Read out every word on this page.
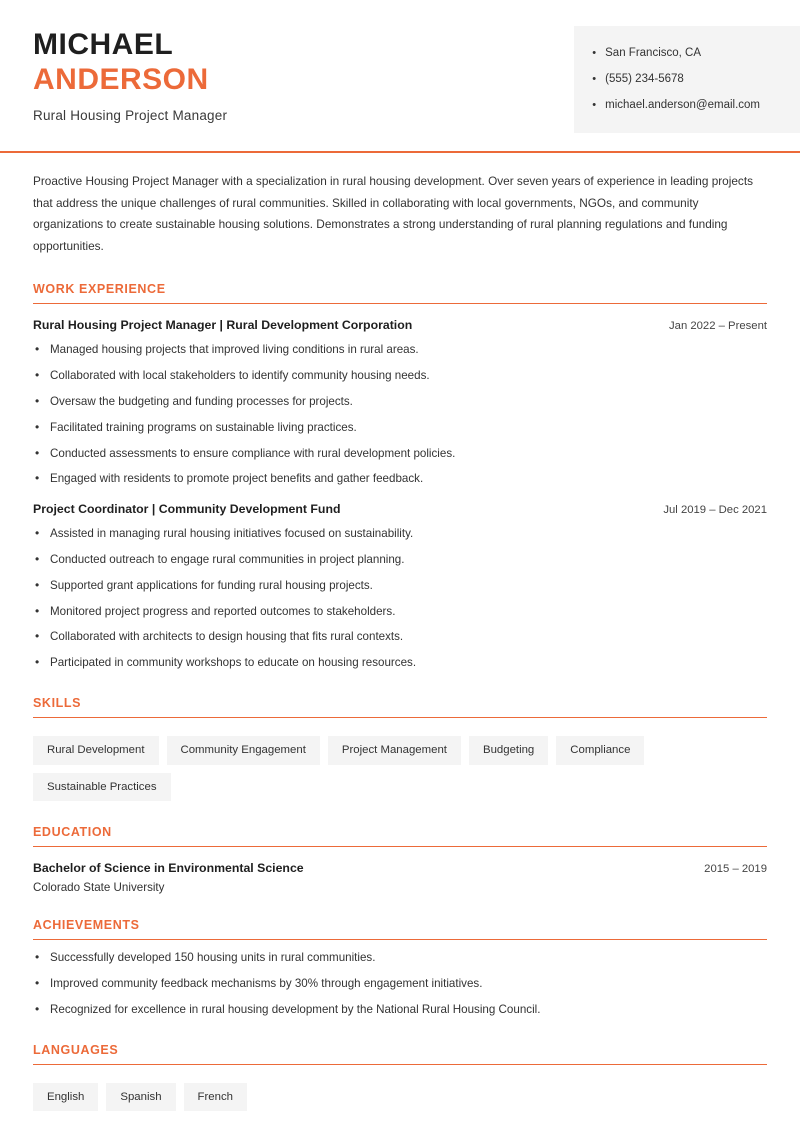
MICHAEL
ANDERSON
Rural Housing Project Manager
• San Francisco, CA
• (555) 234-5678
• michael.anderson@email.com
Proactive Housing Project Manager with a specialization in rural housing development. Over seven years of experience in leading projects that address the unique challenges of rural communities. Skilled in collaborating with local governments, NGOs, and community organizations to create sustainable housing solutions. Demonstrates a strong understanding of rural planning regulations and funding opportunities.
WORK EXPERIENCE
Rural Housing Project Manager | Rural Development Corporation	Jan 2022 – Present
• Managed housing projects that improved living conditions in rural areas.
• Collaborated with local stakeholders to identify community housing needs.
• Oversaw the budgeting and funding processes for projects.
• Facilitated training programs on sustainable living practices.
• Conducted assessments to ensure compliance with rural development policies.
• Engaged with residents to promote project benefits and gather feedback.
Project Coordinator | Community Development Fund	Jul 2019 – Dec 2021
• Assisted in managing rural housing initiatives focused on sustainability.
• Conducted outreach to engage rural communities in project planning.
• Supported grant applications for funding rural housing projects.
• Monitored project progress and reported outcomes to stakeholders.
• Collaborated with architects to design housing that fits rural contexts.
• Participated in community workshops to educate on housing resources.
SKILLS
Rural Development	Community Engagement	Project Management	Budgeting	Compliance
Sustainable Practices
EDUCATION
Bachelor of Science in Environmental Science	2015 – 2019
Colorado State University
ACHIEVEMENTS
• Successfully developed 150 housing units in rural communities.
• Improved community feedback mechanisms by 30% through engagement initiatives.
• Recognized for excellence in rural housing development by the National Rural Housing Council.
LANGUAGES
English	Spanish	French
